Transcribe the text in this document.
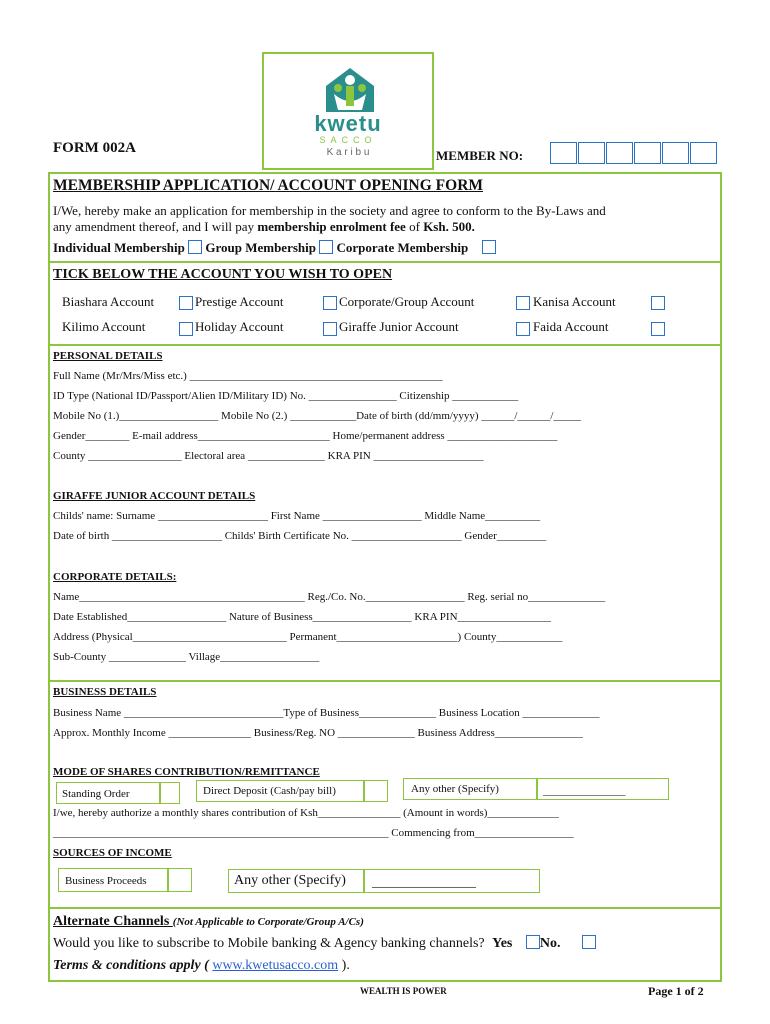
kwetu
SACCO
K a r i b u
FORM 002A	MEMBER NO:
MEMBERSHIP APPLICATION/ ACCOUNT OPENING FORM
I/We, hereby make an application for membership in the society and agree to conform to the By-Laws and
any amendment thereof, and I will pay membership enrolment fee of Ksh. 500.
Individual Membership Group Membership Corporate Membership
TICK BELOW THE ACCOUNT YOU WISH TO OPEN
Biashara Account	Prestige Account	Corporate/Group Account	Kanisa Account
Kilimo Account	Holiday Account	Giraffe Junior Account	Faida Account
PERSONAL DETAILS
Full Name (Mr/Mrs/Miss etc.) ______________________________________________
ID Type (National ID/Passport/Alien ID/Military ID) No. ________________ Citizenship ____________
Mobile No (1.)__________________ Mobile No (2.) ____________Date of birth (dd/mm/yyyy) ______/______/_____
Gender________ E-mail address________________________ Home/permanent address ____________________
County _________________ Electoral area ______________ KRA PIN ____________________
GIRAFFE JUNIOR ACCOUNT DETAILS
Childs' name: Surname ____________________ First Name __________________ Middle Name__________
Date of birth ____________________ Childs' Birth Certificate No. ____________________ Gender_________
CORPORATE DETAILS:
Name_________________________________________ Reg./Co. No.__________________ Reg. serial no______________
Date Established__________________ Nature of Business__________________ KRA PIN_________________
Address (Physical____________________________ Permanent______________________) County____________
Sub-County ______________ Village__________________
BUSINESS DETAILS
Business Name _____________________________Type of Business______________ Business Location ______________
Approx. Monthly Income _______________ Business/Reg. NO ______________ Business Address________________
MODE OF SHARES CONTRIBUTION/REMITTANCE
Standing Order	Direct Deposit (Cash/pay bill)	Any other (Specify)	_______________
I/we, hereby authorize a monthly shares contribution of Ksh_______________ (Amount in words)_____________
_____________________________________________________________ Commencing from__________________
SOURCES OF INCOME
Business Proceeds	Any other (Specify) ________________
Alternate Channels (Not Applicable to Corporate/Group A/Cs)
Would you like to subscribe to Mobile banking & Agency banking channels? Yes No.
Terms & conditions apply ( www.kwetusacco.com ).
WEALTH IS POWER	Page 1 of 2
